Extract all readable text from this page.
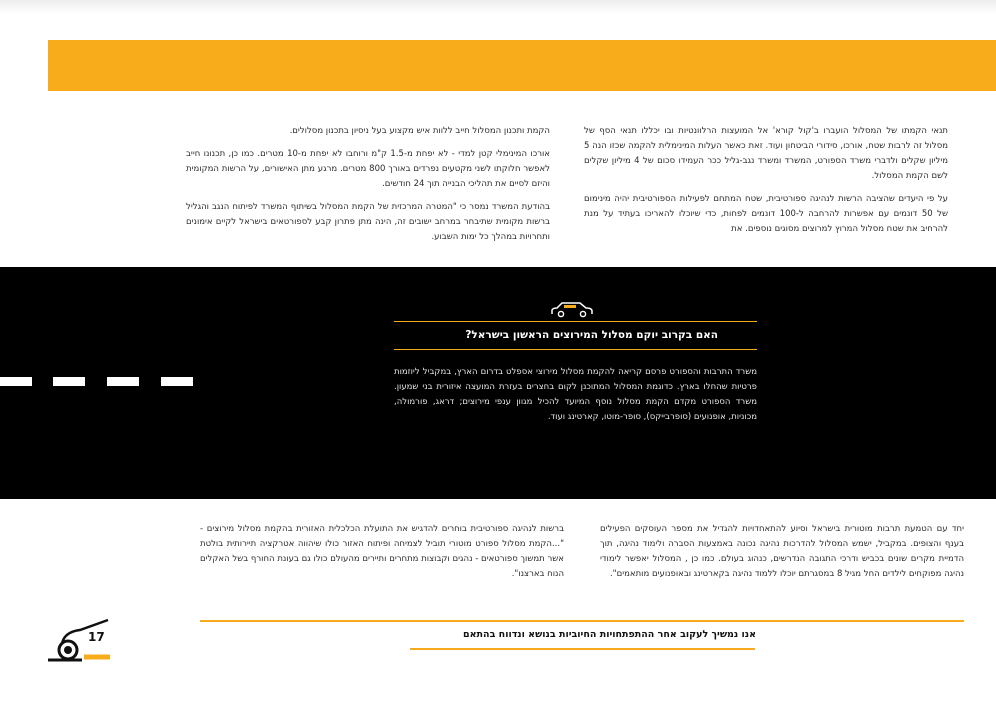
תנאי הקמתו של המסלול הועברו ב'קול קורא' אל המועצות הרלוונטיות ובו יכללו תנאי הסף של מסלול זה לרבות שטח, אורכו, סידורי הביטחון ועוד. זאת כאשר העלות המינימלית להקמה שכזו הנה 5 מיליון שקלים ולדברי משרד הספורט, המשרד ומשרד נגב-גליל ככר העמידו סכום של 4 מיליון שקלים לשם הקמת המסלול.

על פי היעדים שהציבה הרשות לנהיגה ספורטיבית, שטח המתחם לפעילות הספורטיבית יהיה מינימום של 50 דונמים עם אפשרות להרחבה ל-100 דונמים לפחות, כדי שיוכלו להאריכו בעתיד על מנת להרחיב את שטח מסלול המרוץ למרוצים מסוגים נוספים. את

הקמת ותכנון המסלול חייב ללוות איש מקצוע בעל ניסיון בתכנון מסלולים.

אורכו המינימלי קטן למדי - לא יפחת מ-1.5 ק"מ ורוחבו לא יפחת מ-10 מטרים. כמו כן, תכנונו חייב לאפשר חלוקתו לשני מקטעים נפרדים באורך 800 מטרים. מרגע מתן האישורים, על הרשות המקומית והיזם לסיים את תהליכי הבנייה תוך 24 חודשים.

בהודעת המשרד נמסר כי "המטרה המרכזית של הקמת המסלול בשיתוף המשרד לפיתוח הנגב והגליל ברשות מקומית שתיבחר במרחב ישובים זה, הינה מתן פתרון קבע לספורטאים בישראל לקיים אימונים ותחרויות במהלך כל ימות השבוע.

האם בקרוב יוקם מסלול המירוצים הראשון בישראל?
משרד התרבות והספורט פרסם קריאה להקמת מסלול מירוצי אספלט בדרום הארץ, במקביל ליוזמות פרטיות שהחלו בארץ. כדוגמת המסלול המתוכנן לקום בחצרים בעזרת המועצה איזורית בני שמעון. משרד הספורט מקדם הקמת מסלול נוסף המיועד להכיל מגוון ענפי מירוצים; דראג, פורמולה, מכוניות, אופנועים (סופרבייקס), סופר-מוטו, קארטינג ועוד.

יחד עם הטמעת תרבות מוטורית בישראל וסיוע להתאחדויות להגדיל את מספר העוסקים הפעילים בענף והצופים. במקביל, ישמש המסלול להדרכות נהיגה נכונה באמצעות הסברה ולימוד נהיגה, תוך הדמיית מקרים שונים בכביש ודרכי התגובה הנדרשים, כנהוג בעולם. כמו כן , המסלול יאפשר לימודי נהיגה מפוקחים לילדים החל מגיל 8 במסגרתם יוכלו ללמוד נהיגה בקארטינג ובאופנועים מותאמים".

ברשות לנהיגה ספורטיבית בוחרים להדגיש את התועלת הכלכלית האזורית בהקמת מסלול מירוצים - "...הקמת מסלול ספורט מוטורי תוביל לצמיחה ופיתוח האזור כולו שיהווה אטרקציה תיירותית בולטת אשר תמשוך ספורטאים - נהגים וקבוצות מתחרים ותיירים מהעולם כולו גם בעונת החורף בשל האקלים הנוח בארצנו".

אנו נמשיך לעקוב אחר ההתפתחויות החיוביות בנושא ונדווח בהתאם
17
